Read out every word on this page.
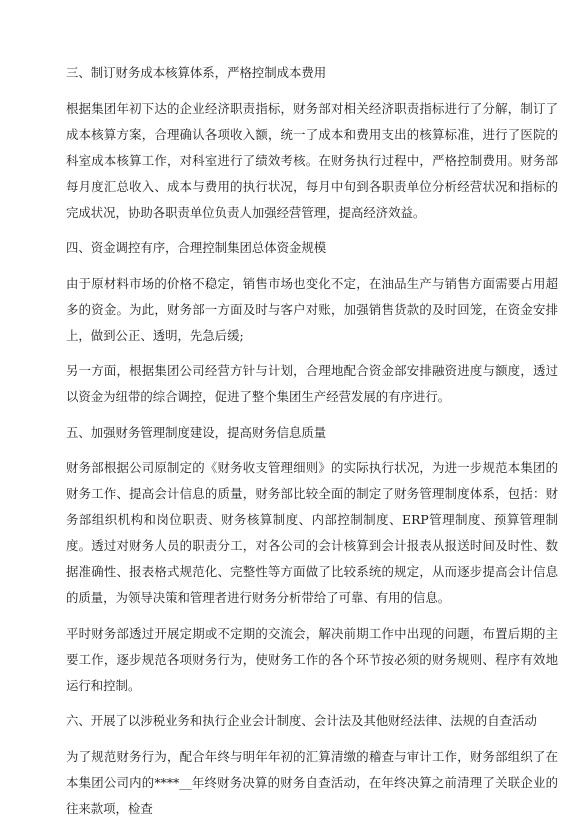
三、制订财务成本核算体系，严格控制成本费用
根据集团年初下达的企业经济职责指标，财务部对相关经济职责指标进行了分解，制订了成本核算方案，合理确认各项收入额，统一了成本和费用支出的核算标准，进行了医院的科室成本核算工作，对科室进行了绩效考核。在财务执行过程中，严格控制费用。财务部每月度汇总收入、成本与费用的执行状况，每月中旬到各职责单位分析经营状况和指标的完成状况，协助各职责单位负责人加强经营管理，提高经济效益。
四、资金调控有序，合理控制集团总体资金规模
由于原材料市场的价格不稳定，销售市场也变化不定，在油品生产与销售方面需要占用超多的资金。为此，财务部一方面及时与客户对账，加强销售货款的及时回笼，在资金安排上，做到公正、透明，先急后缓;
另一方面，根据集团公司经营方针与计划，合理地配合资金部安排融资进度与额度，透过以资金为纽带的综合调控，促进了整个集团生产经营发展的有序进行。
五、加强财务管理制度建设，提高财务信息质量
财务部根据公司原制定的《财务收支管理细则》的实际执行状况，为进一步规范本集团的财务工作、提高会计信息的质量，财务部比较全面的制定了财务管理制度体系，包括：财务部组织机构和岗位职责、财务核算制度、内部控制制度、ERP管理制度、预算管理制度。透过对财务人员的职责分工，对各公司的会计核算到会计报表从报送时间及时性、数据准确性、报表格式规范化、完整性等方面做了比较系统的规定，从而逐步提高会计信息的质量，为领导决策和管理者进行财务分析带给了可靠、有用的信息。
平时财务部透过开展定期或不定期的交流会，解决前期工作中出现的问题，布置后期的主要工作，逐步规范各项财务行为，使财务工作的各个环节按必须的财务规则、程序有效地运行和控制。
六、开展了以涉税业务和执行企业会计制度、会计法及其他财经法律、法规的自查活动
为了规范财务行为，配合年终与明年年初的汇算清缴的稽查与审计工作，财务部组织了在本集团公司内的****__年终财务决算的财务自查活动，在年终决算之前清理了关联企业的往来款项，检查
